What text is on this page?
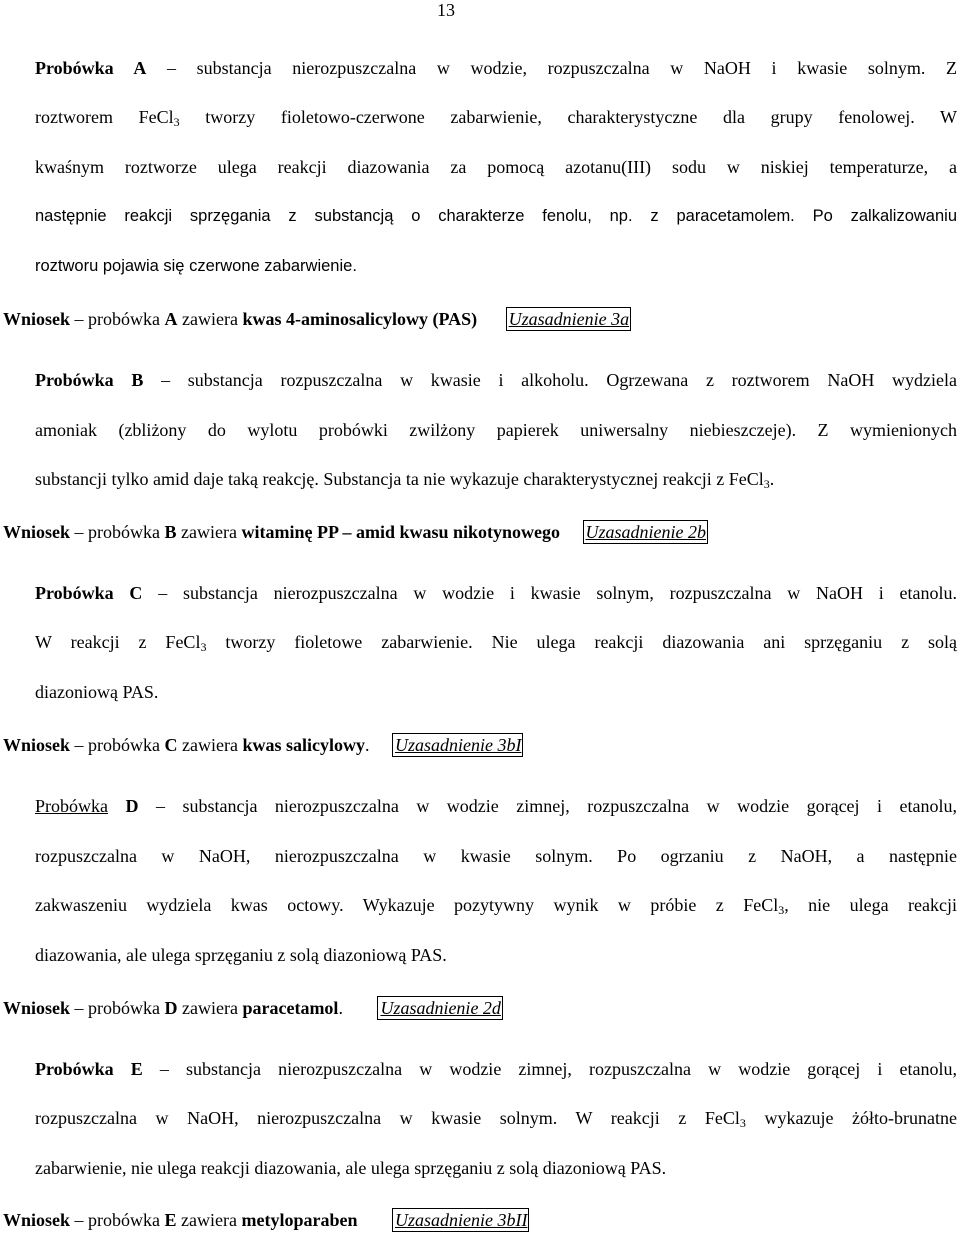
13
Probówka A – substancja nierozpuszczalna w wodzie, rozpuszczalna w NaOH i kwasie solnym. Z
roztworem FeCl$_3$ tworzy fioletowo-czerwone zabarwienie, charakterystyczne dla grupy fenolowej. W
kwaśnym roztworze ulega reakcji diazowania za pomocą azotanu(III) sodu w niskiej temperaturze, a
następnie reakcji sprzęgania z substancją o charakterze fenolu, np. z paracetamolem. Po zalkalizowaniu
roztworu pojawia się czerwone zabarwienie.
Wniosek – probówka A zawiera kwas 4-aminosalicylowy (PAS) Uzasadnienie 3a
Probówka B – substancja rozpuszczalna w kwasie i alkoholu. Ogrzewana z roztworem NaOH wydziela
amoniak (zbliżony do wylotu probówki zwilżony papierek uniwersalny niebieszczeje). Z wymienionych
substancji tylko amid daje taką reakcję. Substancja ta nie wykazuje charakterystycznej reakcji z FeCl$_3$.
Wniosek – probówka B zawiera witaminę PP – amid kwasu nikotynowego Uzasadnienie 2b
Probówka C – substancja nierozpuszczalna w wodzie i kwasie solnym, rozpuszczalna w NaOH i etanolu.
W reakcji z FeCl$_3$ tworzy fioletowe zabarwienie. Nie ulega reakcji diazowania ani sprzęganiu z solą
diazoniową PAS.
Wniosek – probówka C zawiera kwas salicylowy. Uzasadnienie 3bI
Probówka D – substancja nierozpuszczalna w wodzie zimnej, rozpuszczalna w wodzie gorącej i etanolu,
rozpuszczalna w NaOH, nierozpuszczalna w kwasie solnym. Po ogrzaniu z NaOH, a następnie
zakwaszeniu wydziela kwas octowy. Wykazuje pozytywny wynik w próbie z FeCl$_3$, nie ulega reakcji
diazowania, ale ulega sprzęganiu z solą diazoniową PAS.
Wniosek – probówka D zawiera paracetamol. Uzasadnienie 2d
Probówka E – substancja nierozpuszczalna w wodzie zimnej, rozpuszczalna w wodzie gorącej i etanolu,
rozpuszczalna w NaOH, nierozpuszczalna w kwasie solnym. W reakcji z FeCl$_3$ wykazuje żółto-brunatne
zabarwienie, nie ulega reakcji diazowania, ale ulega sprzęganiu z solą diazoniową PAS.
Wniosek – probówka E zawiera metyloparaben Uzasadnienie 3bII
